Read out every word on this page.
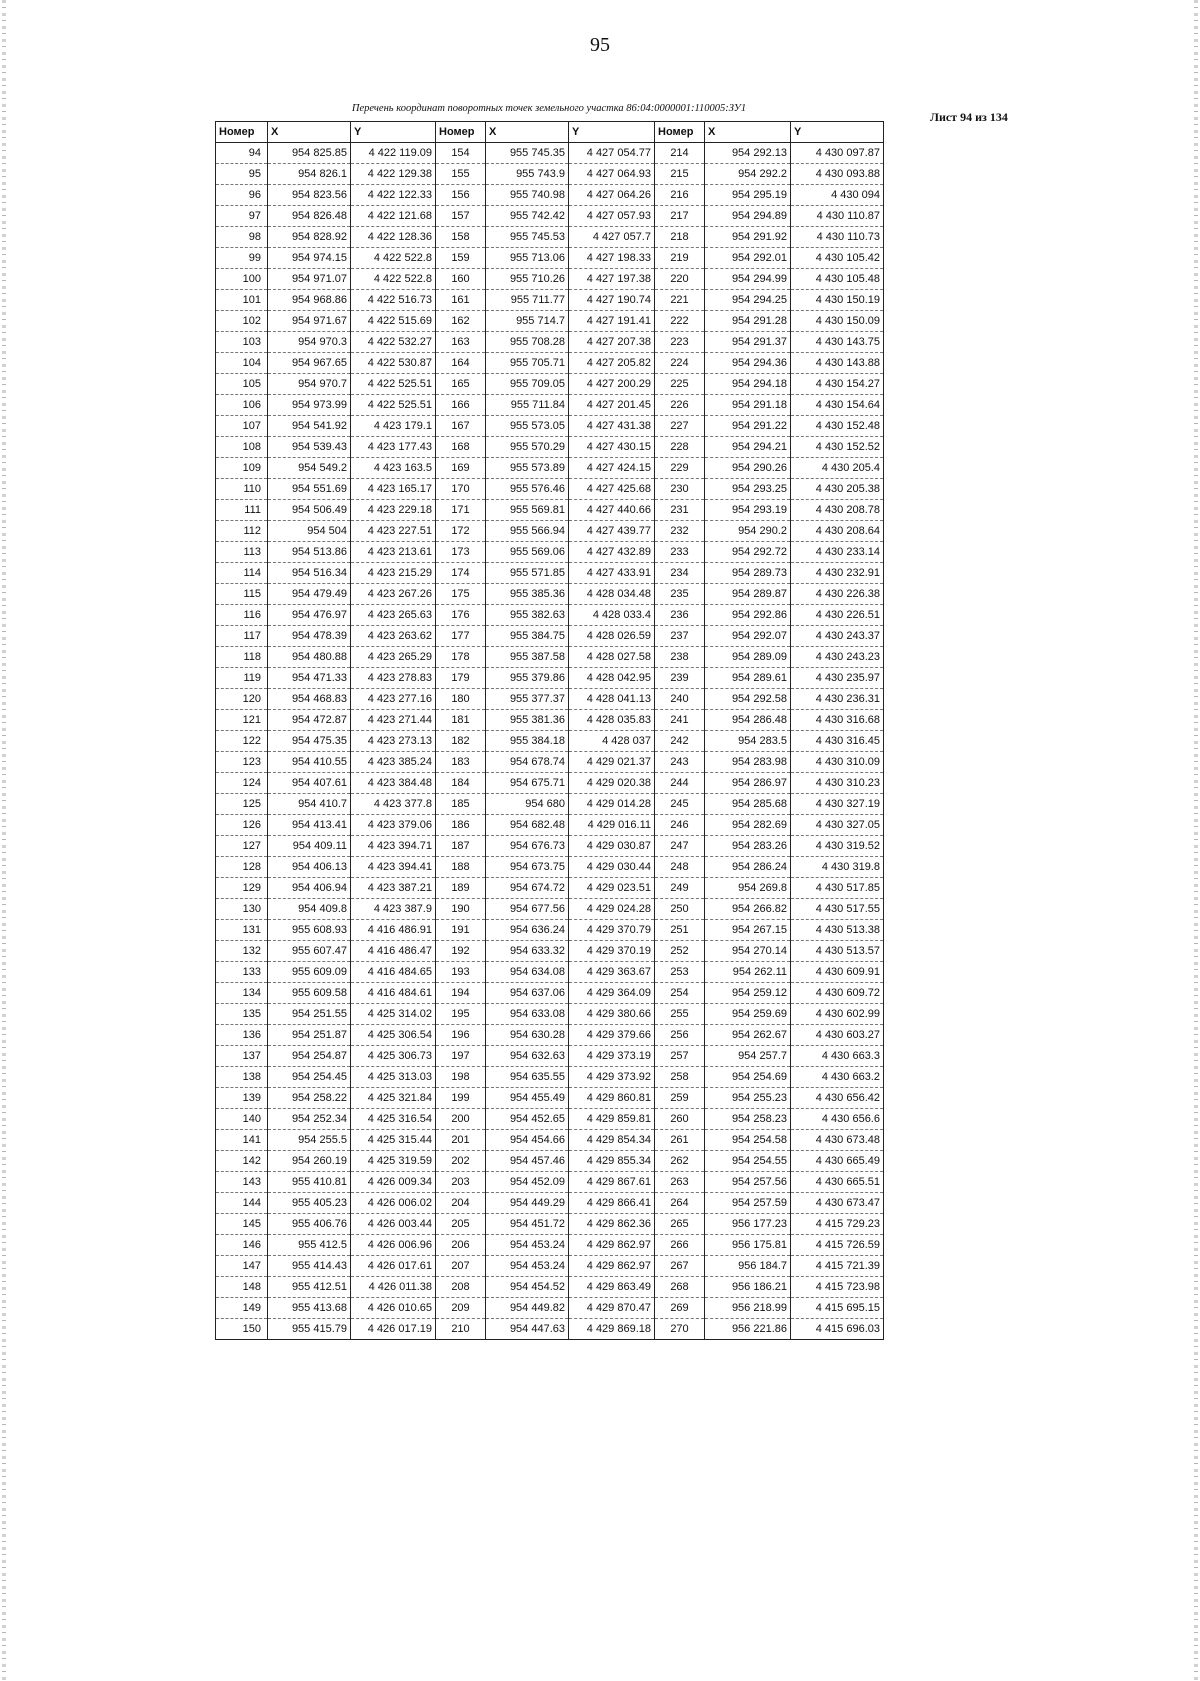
95
Перечень координат поворотных точек земельного участка 86:04:0000001:110005:ЗУ1
Лист 94 из 134
Номер	X	Y	Номер	X	Y	Номер	X	Y
94	954 825.85	4 422 119.09	154	955 745.35	4 427 054.77	214	954 292.13	4 430 097.87
95	954 826.1	4 422 129.38	155	955 743.9	4 427 064.93	215	954 292.2	4 430 093.88
96	954 823.56	4 422 122.33	156	955 740.98	4 427 064.26	216	954 295.19	4 430 094
97	954 826.48	4 422 121.68	157	955 742.42	4 427 057.93	217	954 294.89	4 430 110.87
98	954 828.92	4 422 128.36	158	955 745.53	4 427 057.7	218	954 291.92	4 430 110.73
99	954 974.15	4 422 522.8	159	955 713.06	4 427 198.33	219	954 292.01	4 430 105.42
100	954 971.07	4 422 522.8	160	955 710.26	4 427 197.38	220	954 294.99	4 430 105.48
101	954 968.86	4 422 516.73	161	955 711.77	4 427 190.74	221	954 294.25	4 430 150.19
102	954 971.67	4 422 515.69	162	955 714.7	4 427 191.41	222	954 291.28	4 430 150.09
103	954 970.3	4 422 532.27	163	955 708.28	4 427 207.38	223	954 291.37	4 430 143.75
104	954 967.65	4 422 530.87	164	955 705.71	4 427 205.82	224	954 294.36	4 430 143.88
105	954 970.7	4 422 525.51	165	955 709.05	4 427 200.29	225	954 294.18	4 430 154.27
106	954 973.99	4 422 525.51	166	955 711.84	4 427 201.45	226	954 291.18	4 430 154.64
107	954 541.92	4 423 179.1	167	955 573.05	4 427 431.38	227	954 291.22	4 430 152.48
108	954 539.43	4 423 177.43	168	955 570.29	4 427 430.15	228	954 294.21	4 430 152.52
109	954 549.2	4 423 163.5	169	955 573.89	4 427 424.15	229	954 290.26	4 430 205.4
110	954 551.69	4 423 165.17	170	955 576.46	4 427 425.68	230	954 293.25	4 430 205.38
111	954 506.49	4 423 229.18	171	955 569.81	4 427 440.66	231	954 293.19	4 430 208.78
112	954 504	4 423 227.51	172	955 566.94	4 427 439.77	232	954 290.2	4 430 208.64
113	954 513.86	4 423 213.61	173	955 569.06	4 427 432.89	233	954 292.72	4 430 233.14
114	954 516.34	4 423 215.29	174	955 571.85	4 427 433.91	234	954 289.73	4 430 232.91
115	954 479.49	4 423 267.26	175	955 385.36	4 428 034.48	235	954 289.87	4 430 226.38
116	954 476.97	4 423 265.63	176	955 382.63	4 428 033.4	236	954 292.86	4 430 226.51
117	954 478.39	4 423 263.62	177	955 384.75	4 428 026.59	237	954 292.07	4 430 243.37
118	954 480.88	4 423 265.29	178	955 387.58	4 428 027.58	238	954 289.09	4 430 243.23
119	954 471.33	4 423 278.83	179	955 379.86	4 428 042.95	239	954 289.61	4 430 235.97
120	954 468.83	4 423 277.16	180	955 377.37	4 428 041.13	240	954 292.58	4 430 236.31
121	954 472.87	4 423 271.44	181	955 381.36	4 428 035.83	241	954 286.48	4 430 316.68
122	954 475.35	4 423 273.13	182	955 384.18	4 428 037	242	954 283.5	4 430 316.45
123	954 410.55	4 423 385.24	183	954 678.74	4 429 021.37	243	954 283.98	4 430 310.09
124	954 407.61	4 423 384.48	184	954 675.71	4 429 020.38	244	954 286.97	4 430 310.23
125	954 410.7	4 423 377.8	185	954 680	4 429 014.28	245	954 285.68	4 430 327.19
126	954 413.41	4 423 379.06	186	954 682.48	4 429 016.11	246	954 282.69	4 430 327.05
127	954 409.11	4 423 394.71	187	954 676.73	4 429 030.87	247	954 283.26	4 430 319.52
128	954 406.13	4 423 394.41	188	954 673.75	4 429 030.44	248	954 286.24	4 430 319.8
129	954 406.94	4 423 387.21	189	954 674.72	4 429 023.51	249	954 269.8	4 430 517.85
130	954 409.8	4 423 387.9	190	954 677.56	4 429 024.28	250	954 266.82	4 430 517.55
131	955 608.93	4 416 486.91	191	954 636.24	4 429 370.79	251	954 267.15	4 430 513.38
132	955 607.47	4 416 486.47	192	954 633.32	4 429 370.19	252	954 270.14	4 430 513.57
133	955 609.09	4 416 484.65	193	954 634.08	4 429 363.67	253	954 262.11	4 430 609.91
134	955 609.58	4 416 484.61	194	954 637.06	4 429 364.09	254	954 259.12	4 430 609.72
135	954 251.55	4 425 314.02	195	954 633.08	4 429 380.66	255	954 259.69	4 430 602.99
136	954 251.87	4 425 306.54	196	954 630.28	4 429 379.66	256	954 262.67	4 430 603.27
137	954 254.87	4 425 306.73	197	954 632.63	4 429 373.19	257	954 257.7	4 430 663.3
138	954 254.45	4 425 313.03	198	954 635.55	4 429 373.92	258	954 254.69	4 430 663.2
139	954 258.22	4 425 321.84	199	954 455.49	4 429 860.81	259	954 255.23	4 430 656.42
140	954 252.34	4 425 316.54	200	954 452.65	4 429 859.81	260	954 258.23	4 430 656.6
141	954 255.5	4 425 315.44	201	954 454.66	4 429 854.34	261	954 254.58	4 430 673.48
142	954 260.19	4 425 319.59	202	954 457.46	4 429 855.34	262	954 254.55	4 430 665.49
143	955 410.81	4 426 009.34	203	954 452.09	4 429 867.61	263	954 257.56	4 430 665.51
144	955 405.23	4 426 006.02	204	954 449.29	4 429 866.41	264	954 257.59	4 430 673.47
145	955 406.76	4 426 003.44	205	954 451.72	4 429 862.36	265	956 177.23	4 415 729.23
146	955 412.5	4 426 006.96	206	954 453.24	4 429 862.97	266	956 175.81	4 415 726.59
147	955 414.43	4 426 017.61	207	954 453.24	4 429 862.97	267	956 184.7	4 415 721.39
148	955 412.51	4 426 011.38	208	954 454.52	4 429 863.49	268	956 186.21	4 415 723.98
149	955 413.68	4 426 010.65	209	954 449.82	4 429 870.47	269	956 218.99	4 415 695.15
150	955 415.79	4 426 017.19	210	954 447.63	4 429 869.18	270	956 221.86	4 415 696.03
